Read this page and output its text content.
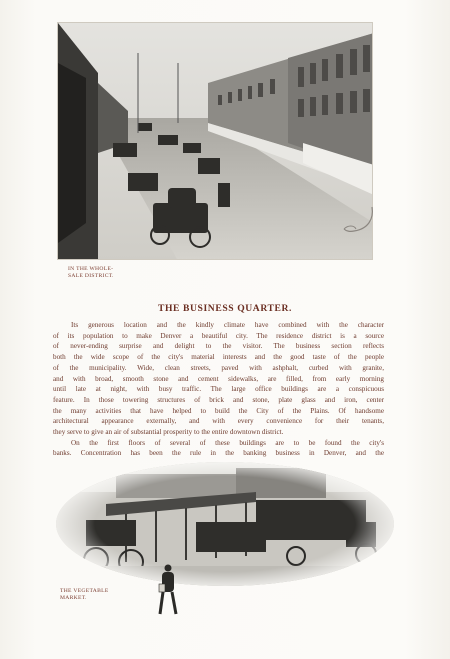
IN THE WHOLE-
SALE DISTRICT.
THE BUSINESS QUARTER.
Its generous location and the kindly climate have combined with the character
of its population to make Denver a beautiful city. The residence district is a source
of never-ending surprise and delight to the visitor. The business section reflects
both the wide scope of the city's material interests and the good taste of the people
of the municipality. Wide, clean streets, paved with ashphalt, curbed with granite,
and with broad, smooth stone and cement sidewalks, are filled, from early morning
until late at night, with busy traffic. The large office buildings are a conspicuous
feature. In those towering structures of brick and stone, plate glass and iron, center
the many activities that have helped to build the City of the Plains. Of handsome
architectural appearance externally, and with every convenience for their tenants,
they serve to give an air of substantial prosperity to the entire downtown district.
On the first floors of several of these buildings are to be found the city's
banks. Concentration has been the rule in the banking business in Denver, and the
THE VEGETABLE
MARKET.
